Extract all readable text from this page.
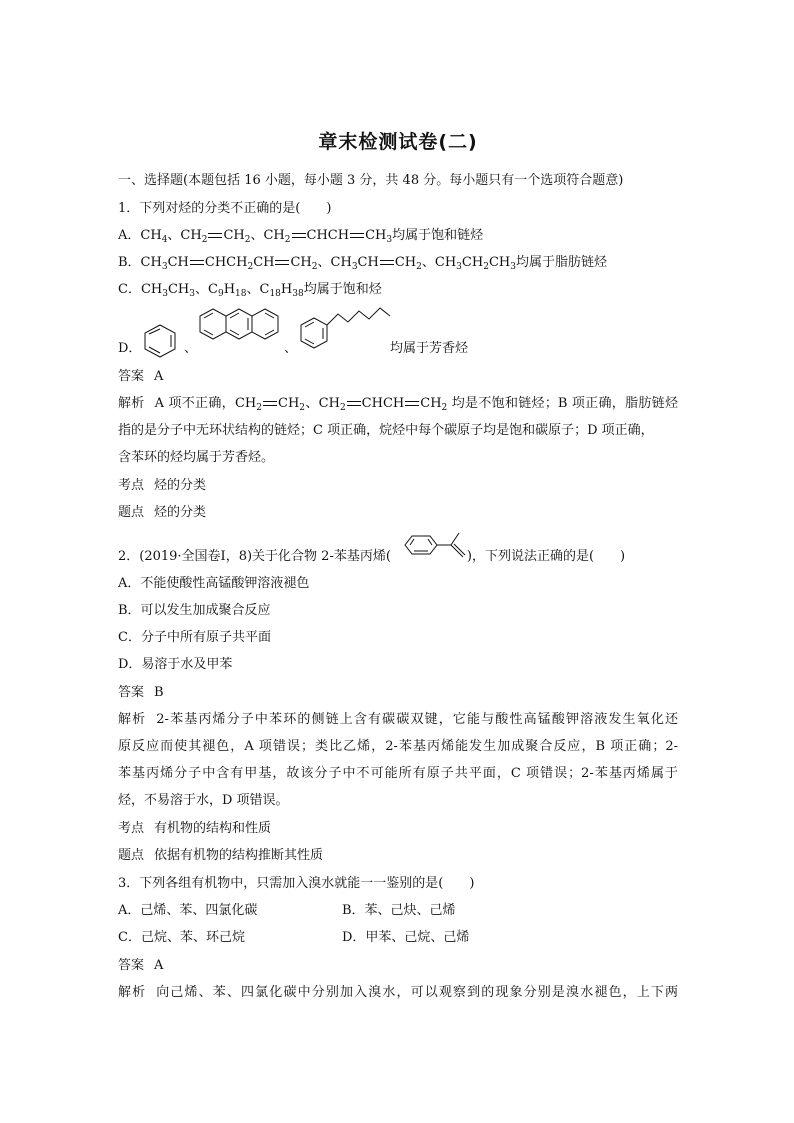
章末检测试卷(二)
一、选择题(本题包括 16 小题，每小题 3 分，共 48 分。每小题只有一个选项符合题意)
1．下列对烃的分类不正确的是(　　)
A．$CH_4$、$CH_2$ $CH_2$、$CH_2$ CHCH $CH_3$均属于饱和链烃
B．$CH_3CH$ $CHCH_2CH$ $CH_2$、$CH_3CH$ $CH_2$、$CH_3CH_2CH_3$均属于脂肪链烃
C．$CH_3CH_3$、$C_9H_{18}$、$C_{18}H_{38}$均属于饱和烃
D．	、	、	均属于芳香烃
答案 A
解析 A 项不正确，$CH_2$ $CH_2$、$CH_2$ CHCH $CH_2$ 均是不饱和链烃；B 项正确，脂肪链烃
指的是分子中无环状结构的链烃；C 项正确，烷烃中每个碳原子均是饱和碳原子；D 项正确，
含苯环的烃均属于芳香烃。
考点 烃的分类
题点 烃的分类
2．(2019·全国卷Ⅰ，8)关于化合物 2-苯基丙烯(	)，下列说法正确的是(　　)
A．不能使酸性高锰酸钾溶液褪色
B．可以发生加成聚合反应
C．分子中所有原子共平面
D．易溶于水及甲苯
答案 B
解析 2-苯基丙烯分子中苯环的侧链上含有碳碳双键，它能与酸性高锰酸钾溶液发生氧化还
原反应而使其褪色，A 项错误；类比乙烯，2-苯基丙烯能发生加成聚合反应，B 项正确；2-
苯基丙烯分子中含有甲基，故该分子中不可能所有原子共平面，C 项错误；2-苯基丙烯属于
烃，不易溶于水，D 项错误。
考点 有机物的结构和性质
题点 依据有机物的结构推断其性质
3．下列各组有机物中，只需加入溴水就能一一鉴别的是(　　)
A．己烯、苯、四氯化碳	B．苯、己炔、己烯
C．己烷、苯、环己烷	D．甲苯、己烷、己烯
答案 A
解析 向己烯、苯、四氯化碳中分别加入溴水，可以观察到的现象分别是溴水褪色，上下两
